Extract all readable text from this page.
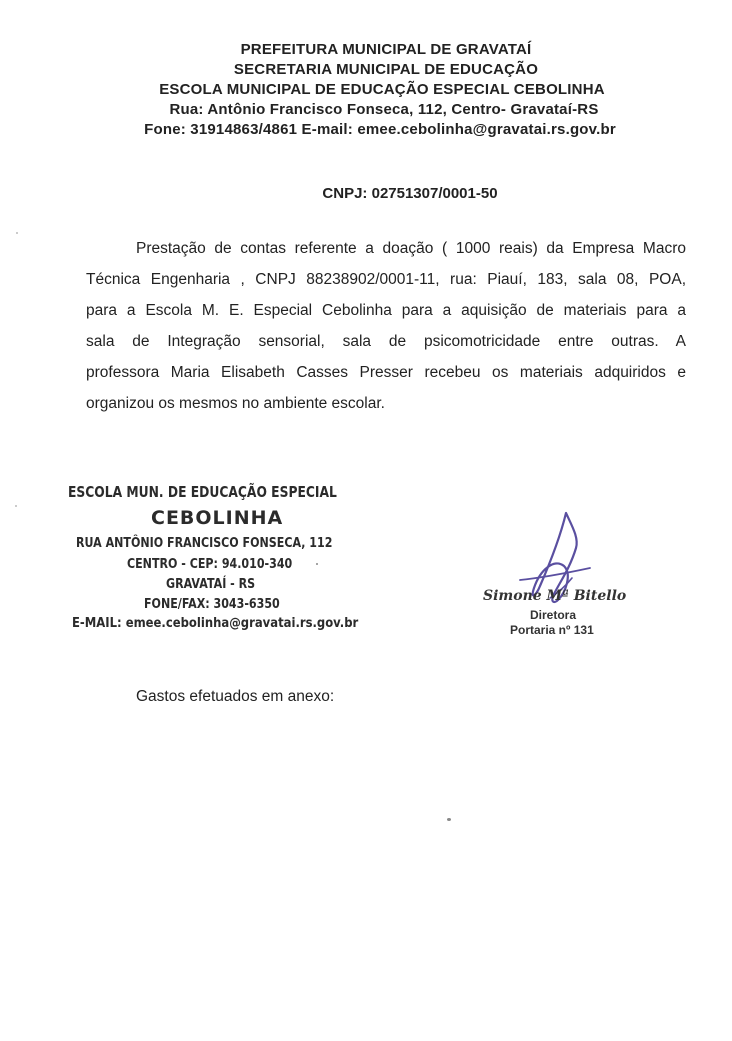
PREFEITURA MUNICIPAL DE GRAVATAÍ
SECRETARIA MUNICIPAL DE EDUCAÇÃO
ESCOLA MUNICIPAL DE EDUCAÇÃO ESPECIAL CEBOLINHA
Rua: Antônio Francisco Fonseca, 112, Centro- Gravataí-RS
Fone: 31914863/4861 E-mail: emee.cebolinha@gravatai.rs.gov.br
CNPJ: 02751307/0001-50
Prestação de contas referente a doação ( 1000 reais) da Empresa Macro
Técnica Engenharia , CNPJ 88238902/0001-11, rua: Piauí, 183, sala 08, POA,
para a Escola M. E. Especial Cebolinha para a aquisição de materiais para a
sala de Integração sensorial, sala de psicomotricidade entre outras. A
professora Maria Elisabeth Casses Presser recebeu os materiais adquiridos e
organizou os mesmos no ambiente escolar.
ESCOLA MUN. DE EDUCAÇÃO ESPECIAL
CEBOLINHA
RUA ANTÔNIO FRANCISCO FONSECA, 112
CENTRO - CEP: 94.010-340
GRAVATAÍ - RS
FONE/FAX: 3043-6350
E-MAIL: emee.cebolinha@gravatai.rs.gov.br
Simone Mª Bitello
Diretora
Portaria nº 131
Gastos efetuados em anexo:
